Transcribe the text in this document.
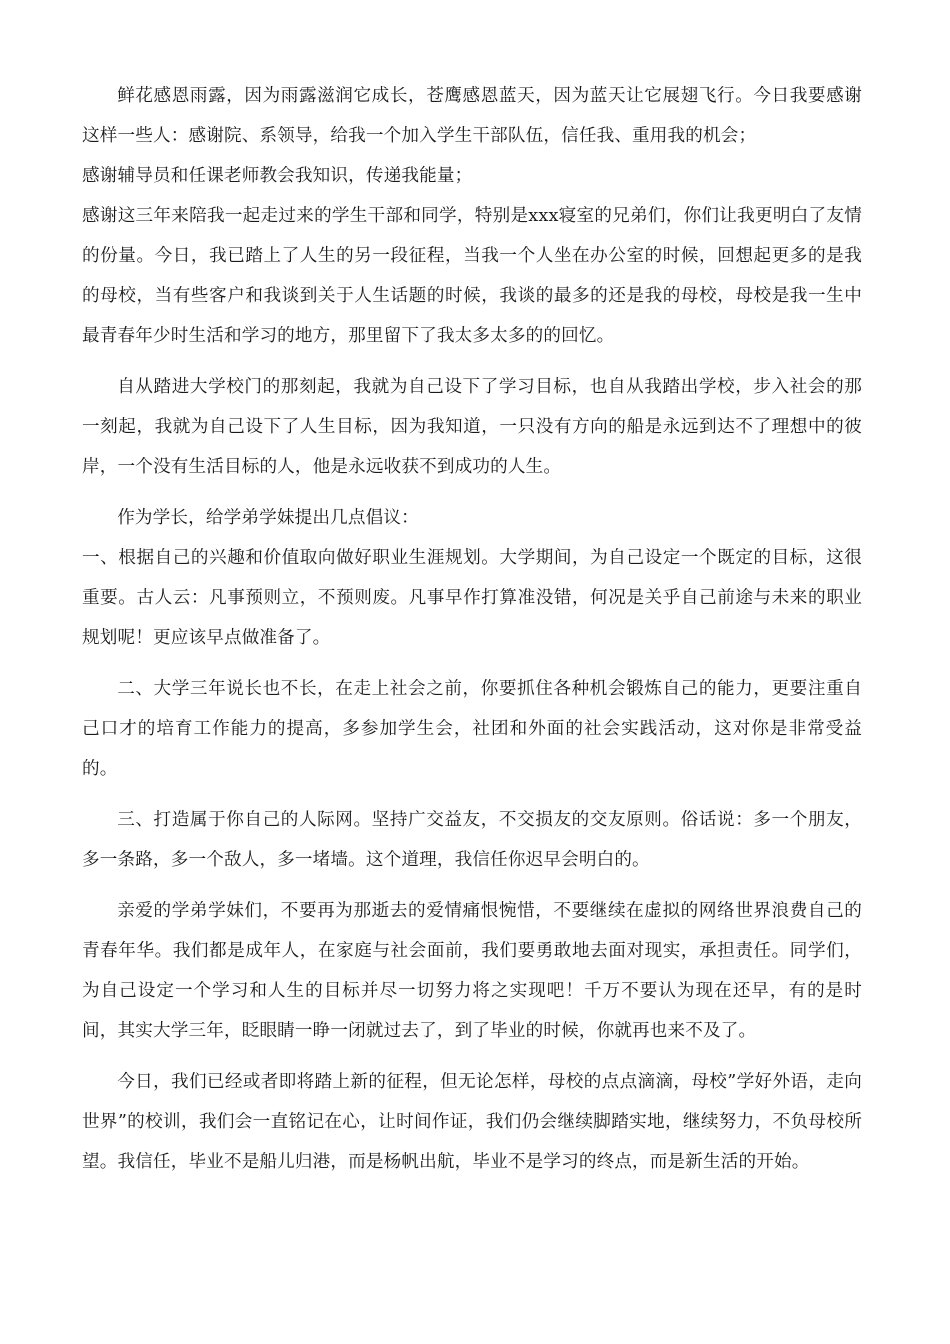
鲜花感恩雨露，因为雨露滋润它成长，苍鹰感恩蓝天，因为蓝天让它展翅飞行。今日我要感谢这样一些人：感谢院、系领导，给我一个加入学生干部队伍，信任我、重用我的机会；

感谢辅导员和任课老师教会我知识，传递我能量；

感谢这三年来陪我一起走过来的学生干部和同学，特别是xxx寝室的兄弟们，你们让我更明白了友情的份量。今日，我已踏上了人生的另一段征程，当我一个人坐在办公室的时候，回想起更多的是我的母校，当有些客户和我谈到关于人生话题的时候，我谈的最多的还是我的母校，母校是我一生中最青春年少时生活和学习的地方，那里留下了我太多太多的的回忆。

自从踏进大学校门的那刻起，我就为自己设下了学习目标，也自从我踏出学校，步入社会的那一刻起，我就为自己设下了人生目标，因为我知道，一只没有方向的船是永远到达不了理想中的彼岸，一个没有生活目标的人，他是永远收获不到成功的人生。

作为学长，给学弟学妹提出几点倡议：

一、根据自己的兴趣和价值取向做好职业生涯规划。大学期间，为自己设定一个既定的目标，这很重要。古人云：凡事预则立，不预则废。凡事早作打算准没错，何况是关乎自己前途与未来的职业规划呢！更应该早点做准备了。

二、大学三年说长也不长，在走上社会之前，你要抓住各种机会锻炼自己的能力，更要注重自己口才的培育工作能力的提高，多参加学生会，社团和外面的社会实践活动，这对你是非常受益的。

三、打造属于你自己的人际网。坚持广交益友，不交损友的交友原则。俗话说：多一个朋友，多一条路，多一个敌人，多一堵墙。这个道理，我信任你迟早会明白的。

亲爱的学弟学妹们，不要再为那逝去的爱情痛恨惋惜，不要继续在虚拟的网络世界浪费自己的青春年华。我们都是成年人，在家庭与社会面前，我们要勇敢地去面对现实，承担责任。同学们，为自己设定一个学习和人生的目标并尽一切努力将之实现吧！千万不要认为现在还早，有的是时间，其实大学三年，眨眼睛一睁一闭就过去了，到了毕业的时候，你就再也来不及了。

今日，我们已经或者即将踏上新的征程，但无论怎样，母校的点点滴滴，母校”学好外语，走向世界”的校训，我们会一直铭记在心，让时间作证，我们仍会继续脚踏实地，继续努力，不负母校所望。我信任，毕业不是船儿归港，而是杨帆出航，毕业不是学习的终点，而是新生活的开始。
